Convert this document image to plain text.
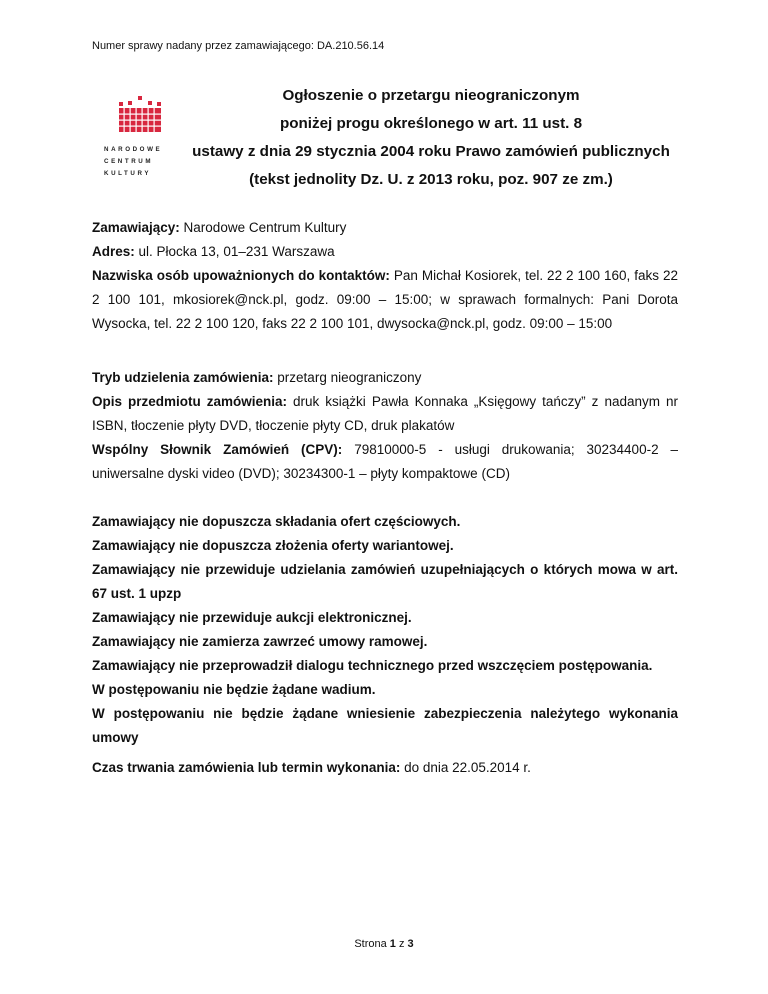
Numer sprawy nadany przez zamawiającego: DA.210.56.14
NARODOWE
CENTRUM
KULTURY
Ogłoszenie o przetargu nieograniczonym
poniżej progu określonego w art. 11 ust. 8
ustawy z dnia 29 stycznia 2004 roku Prawo zamówień publicznych
(tekst jednolity Dz. U. z 2013 roku, poz. 907 ze zm.)
Zamawiający: Narodowe Centrum Kultury
Adres: ul. Płocka 13, 01–231 Warszawa
Nazwiska osób upoważnionych do kontaktów: Pan Michał Kosiorek, tel. 22 2 100 160, faks 22 2 100 101, mkosiorek@nck.pl, godz. 09:00 – 15:00; w sprawach formalnych: Pani Dorota Wysocka, tel. 22 2 100 120, faks 22 2 100 101, dwysocka@nck.pl, godz. 09:00 – 15:00
Tryb udzielenia zamówienia: przetarg nieograniczony
Opis przedmiotu zamówienia: druk książki Pawła Konnaka „Księgowy tańczy” z nadanym nr ISBN, tłoczenie płyty DVD, tłoczenie płyty CD, druk plakatów
Wspólny Słownik Zamówień (CPV): 79810000-5 - usługi drukowania; 30234400-2 – uniwersalne dyski video (DVD); 30234300-1 – płyty kompaktowe (CD)
Zamawiający nie dopuszcza składania ofert częściowych.
Zamawiający nie dopuszcza złożenia oferty wariantowej.
Zamawiający nie przewiduje udzielania zamówień uzupełniających o których mowa w art. 67 ust. 1 upzp
Zamawiający nie przewiduje aukcji elektronicznej.
Zamawiający nie zamierza zawrzeć umowy ramowej.
Zamawiający nie przeprowadził dialogu technicznego przed wszczęciem postępowania.
W postępowaniu nie będzie żądane wadium.
W postępowaniu nie będzie żądane wniesienie zabezpieczenia należytego wykonania umowy
Czas trwania zamówienia lub termin wykonania: do dnia 22.05.2014 r.
Strona 1 z 3
